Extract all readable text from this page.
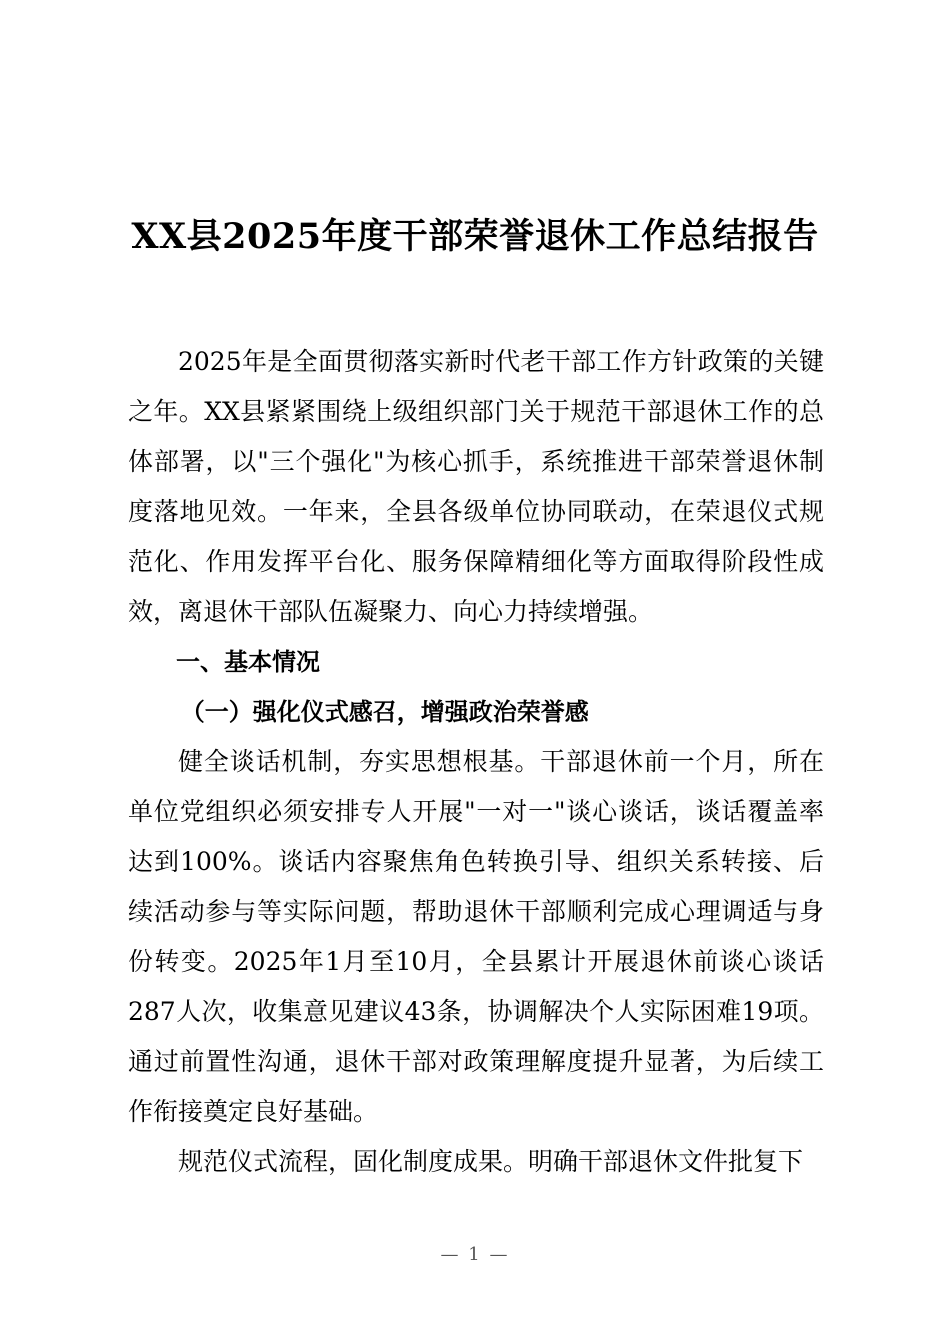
XX县2025年度干部荣誉退休工作总结报告

2025年是全面贯彻落实新时代老干部工作方针政策的关键之年。XX县紧紧围绕上级组织部门关于规范干部退休工作的总体部署，以"三个强化"为核心抓手，系统推进干部荣誉退休制度落地见效。一年来，全县各级单位协同联动，在荣退仪式规范化、作用发挥平台化、服务保障精细化等方面取得阶段性成效，离退休干部队伍凝聚力、向心力持续增强。

一、基本情况

（一）强化仪式感召，增强政治荣誉感

健全谈话机制，夯实思想根基。干部退休前一个月，所在单位党组织必须安排专人开展"一对一"谈心谈话，谈话覆盖率达到100%。谈话内容聚焦角色转换引导、组织关系转接、后续活动参与等实际问题，帮助退休干部顺利完成心理调适与身份转变。2025年1月至10月，全县累计开展退休前谈心谈话287人次，收集意见建议43条，协调解决个人实际困难19项。通过前置性沟通，退休干部对政策理解度提升显著，为后续工作衔接奠定良好基础。

规范仪式流程，固化制度成果。明确干部退休文件批复下

— 1 —
